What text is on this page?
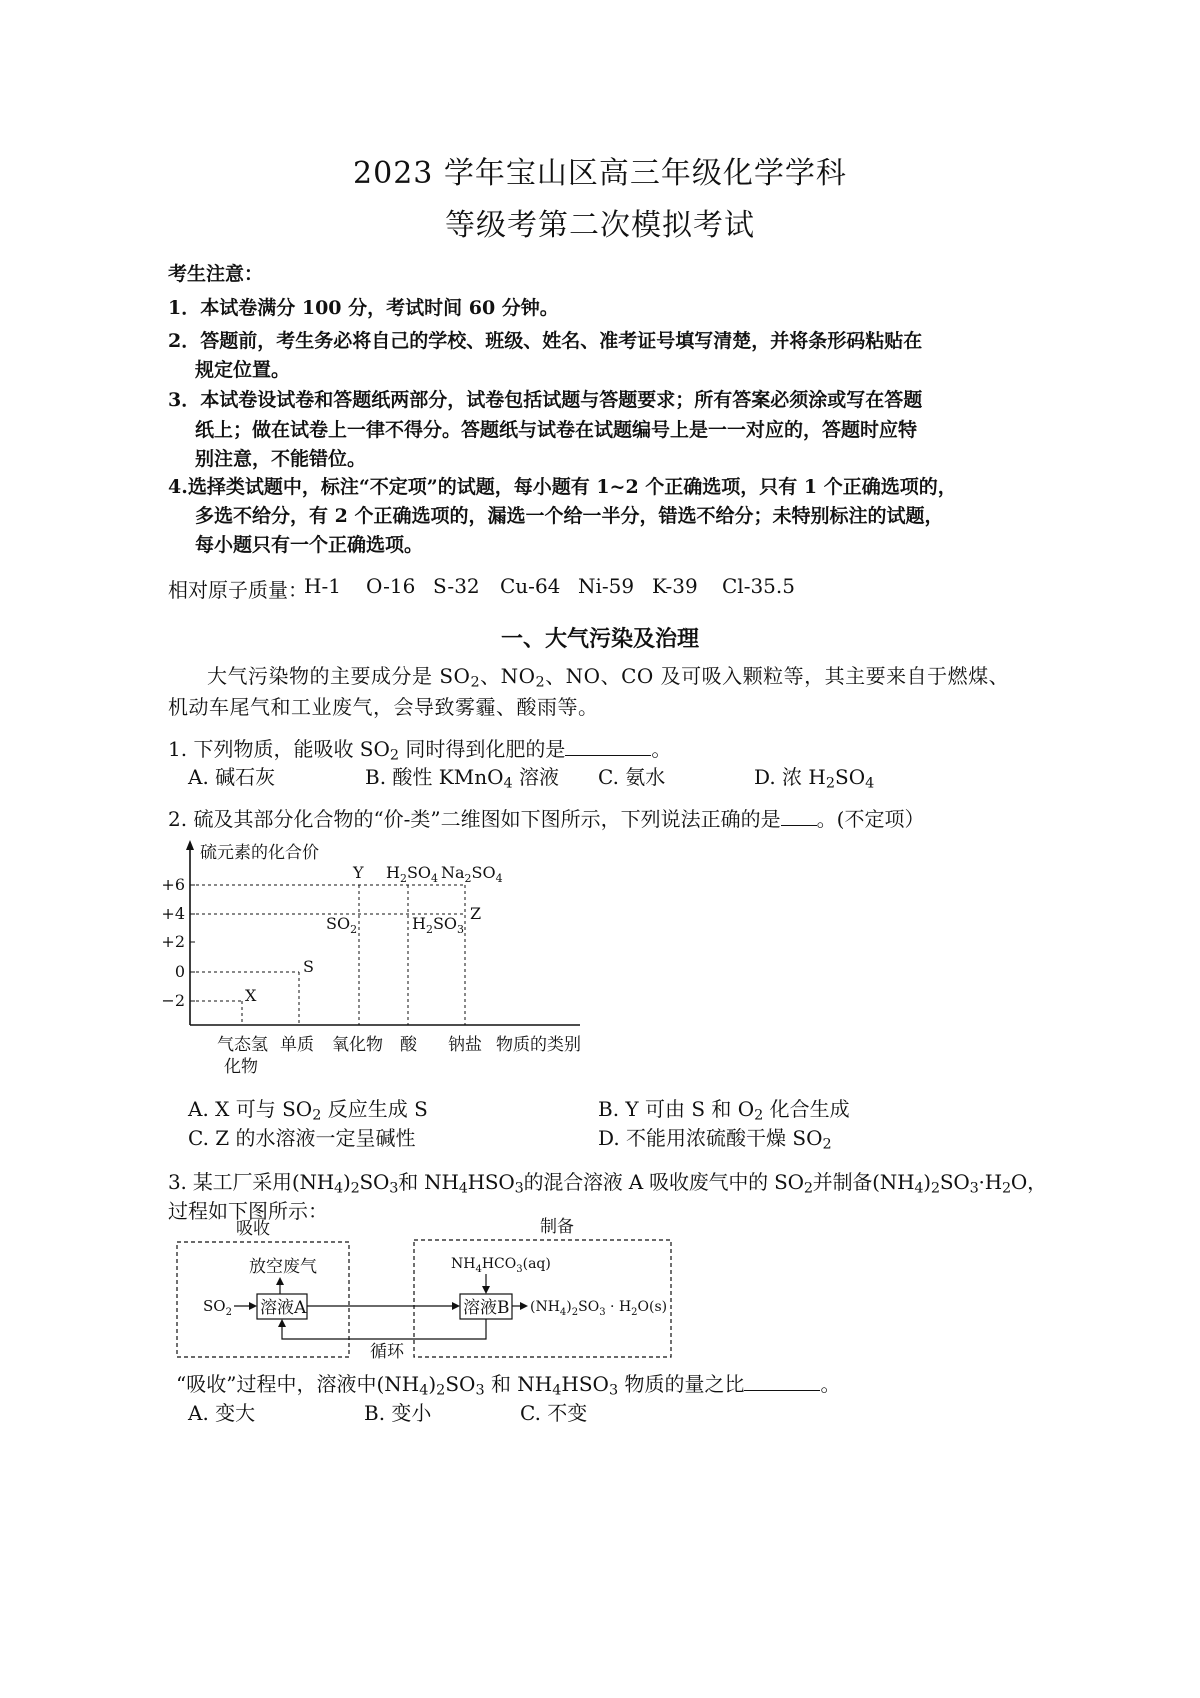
2023 学年宝山区高三年级化学学科
等级考第二次模拟考试
考生注意：
1．本试卷满分 100 分，考试时间 60 分钟。
2．答题前，考生务必将自己的学校、班级、姓名、准考证号填写清楚，并将条形码粘贴在
规定位置。
3．本试卷设试卷和答题纸两部分，试卷包括试题与答题要求；所有答案必须涂或写在答题
纸上；做在试卷上一律不得分。答题纸与试卷在试题编号上是一一对应的，答题时应特
别注意，不能错位。
4.选择类试题中，标注“不定项”的试题，每小题有 1~2 个正确选项，只有 1 个正确选项的，
多选不给分，有 2 个正确选项的，漏选一个给一半分，错选不给分；未特别标注的试题，
每小题只有一个正确选项。
相对原子质量：
H-1 O-16 S-32 Cu-64 Ni-59 K-39 Cl-35.5
一、大气污染及治理
大气污染物的主要成分是 $SO_2$、$NO_2$、NO、CO 及可吸入颗粒等，其主要来自于燃煤、
机动车尾气和工业废气，会导致雾霾、酸雨等。
1. 下列物质，能吸收 $SO_2$ 同时得到化肥的是	。
A. 碱石灰	B. 酸性 KMnO$_4$ 溶液 C. 氨水	D. 浓 $H_2SO_4$
2. 硫及其部分化合物的“价-类”二维图如下图所示，下列说法正确的是 。(不定项）
硫元素的化合价
+6
+4
+2
0
−2	X
S
Y
Z
$SO_2$
$H_2SO_4$ $Na_2SO_4$
$H_2SO_3$
气态氢
化物
单质 氧化物 酸 钠盐 物质的类别
A. X 可与 $SO_2$ 反应生成 S	B. Y 可由 S 和 $O_2$ 化合生成
C. Z 的水溶液一定呈碱性	D. 不能用浓硫酸干燥 $SO_2$
3. 某工厂采用$(NH_4)_2SO_3$和 $NH_4HSO_3$的混合溶液 A 吸收废气中的 $SO_2$并制备$(NH_4)_2SO_3\cdot H_2O$，
过程如下图所示：
吸收	制备
放空废气
$SO_2$ 溶液A
$NH_4HCO_3(aq)$
溶液B $(NH_4)_2SO_3 \cdot H_2O(s)$
循环
“吸收”过程中，溶液中$(NH_4)_2SO_3$ 和 $NH_4HSO_3$ 物质的量之比	。
A. 变大	B. 变小	C. 不变
